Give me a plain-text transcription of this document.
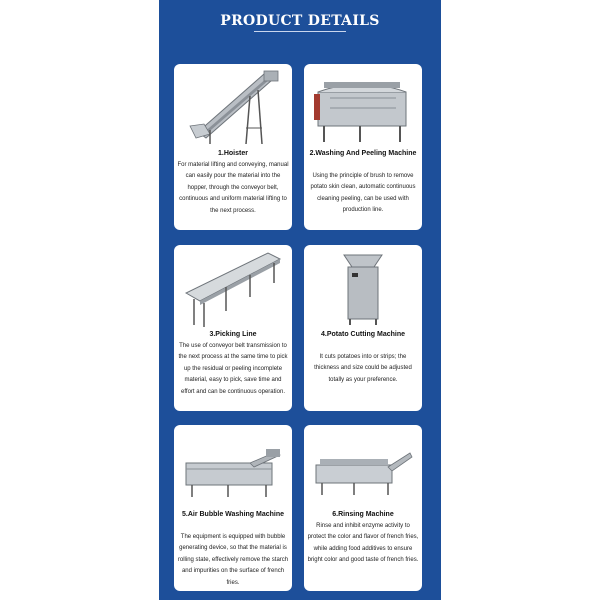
PRODUCT DETAILS
1.Hoister
For material lifting and conveying, manual can easily pour the material into the hopper, through the conveyor belt, continuous and uniform material lifting to the next process.
2.Washing And Peeling Machine
Using the principle of brush to remove potato skin clean, automatic continuous cleaning peeling, can be used with production line.
3.Picking Line
The use of conveyor belt transmission to the next process at the same time to pick up the residual or peeling incomplete material, easy to pick, save time and effort and can be continuous operation.
4.Potato Cutting Machine
It cuts potatoes into or strips; the thickness and size could be adjusted totally as your preference.
5.Air Bubble Washing Machine
The equipment is equipped with bubble generating device, so that the material is rolling state, effectively remove the starch and impurities on the surface of french fries.
6.Rinsing Machine
Rinse and inhibit enzyme activity to protect the color and flavor of french fries, while adding food additives to ensure bright color and good taste of french fries.
